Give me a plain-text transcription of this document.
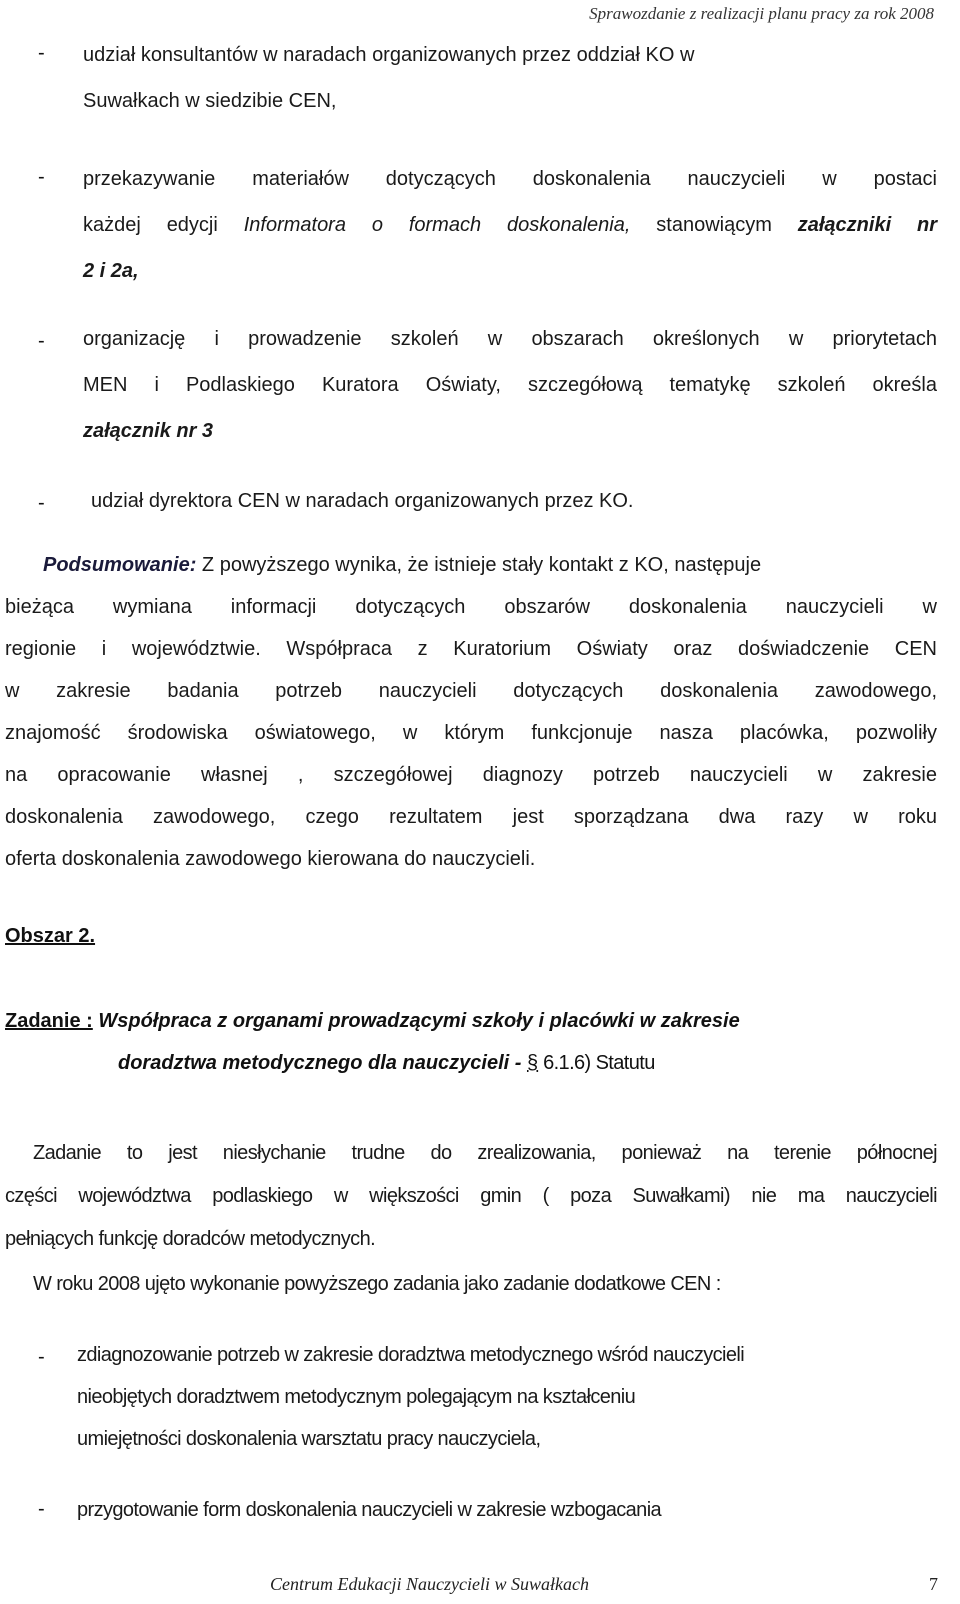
Sprawozdanie z realizacji planu pracy za rok 2008
- udział konsultantów w naradach organizowanych przez oddział KO w
Suwałkach w siedzibie CEN,
- przekazywanie materiałów dotyczących doskonalenia nauczycieli w postaci
każdej edycji Informatora o formach doskonalenia, stanowiącym załączniki nr
2 i 2a,
- organizację i prowadzenie szkoleń w obszarach określonych w priorytetach
MEN i Podlaskiego Kuratora Oświaty, szczegółową tematykę szkoleń określa
załącznik nr 3
- udział dyrektora CEN w naradach organizowanych przez KO.
Podsumowanie: Z powyższego wynika, że istnieje stały kontakt z KO, następuje
bieżąca wymiana informacji dotyczących obszarów doskonalenia nauczycieli w
regionie i województwie. Współpraca z Kuratorium Oświaty oraz doświadczenie CEN
w zakresie badania potrzeb nauczycieli dotyczących doskonalenia zawodowego,
znajomość środowiska oświatowego, w którym funkcjonuje nasza placówka, pozwoliły
na opracowanie własnej , szczegółowej diagnozy potrzeb nauczycieli w zakresie
doskonalenia zawodowego, czego rezultatem jest sporządzana dwa razy w roku
oferta doskonalenia zawodowego kierowana do nauczycieli.
Obszar 2.
Zadanie : Współpraca z organami prowadzącymi szkoły i placówki w zakresie
doradztwa metodycznego dla nauczycieli - § 6.1.6) Statutu
Zadanie to jest niesłychanie trudne do zrealizowania, ponieważ na terenie północnej
części województwa podlaskiego w większości gmin ( poza Suwałkami) nie ma nauczycieli
pełniących funkcję doradców metodycznych.
W roku 2008 ujęto wykonanie powyższego zadania jako zadanie dodatkowe CEN :
- zdiagnozowanie potrzeb w zakresie doradztwa metodycznego wśród nauczycieli
nieobjętych doradztwem metodycznym polegającym na kształceniu
umiejętności doskonalenia warsztatu pracy nauczyciela,
- przygotowanie form doskonalenia nauczycieli w zakresie wzbogacania
Centrum Edukacji Nauczycieli w Suwałkach	7
